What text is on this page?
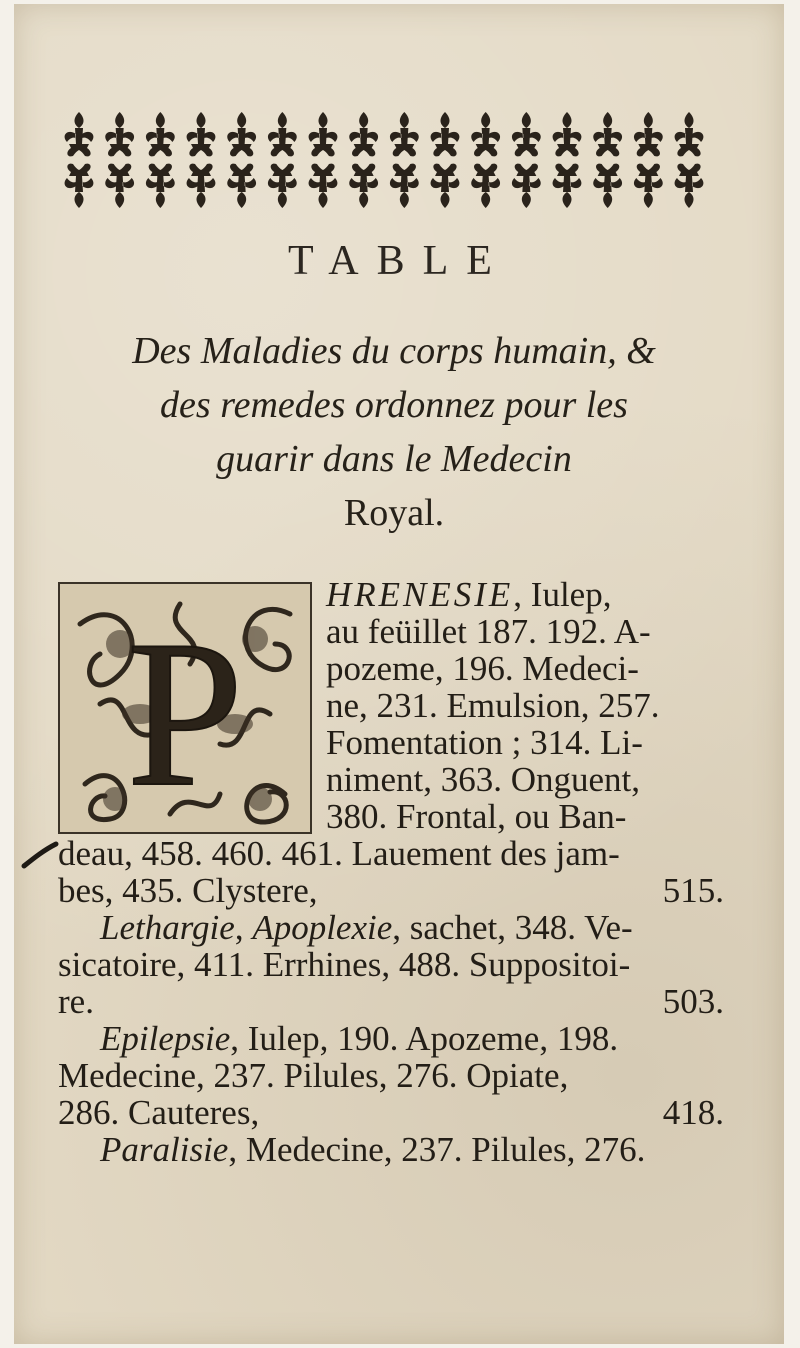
TABLE
Des Maladies du corps humain, &
des remedes ordonnez pour les
guarir dans le Medecin
Royal.
P
HRENESIE, Iulep,
au feüillet 187. 192. A-
pozeme, 196. Medeci-
ne, 231. Emulsion, 257.
Fomentation ; 314. Li-
niment, 363. Onguent,
380. Frontal, ou Ban-
deau, 458. 460. 461. Lauement des jam-
bes, 435. Clystere,	515.
Lethargie, Apoplexie, sachet, 348. Ve-
sicatoire, 411. Errhines, 488. Suppositoi-
re.	503.
Epilepsie, Iulep, 190. Apozeme, 198.
Medecine, 237. Pilules, 276. Opiate,
286. Cauteres,	418.
Paralisie, Medecine, 237. Pilules, 276.
